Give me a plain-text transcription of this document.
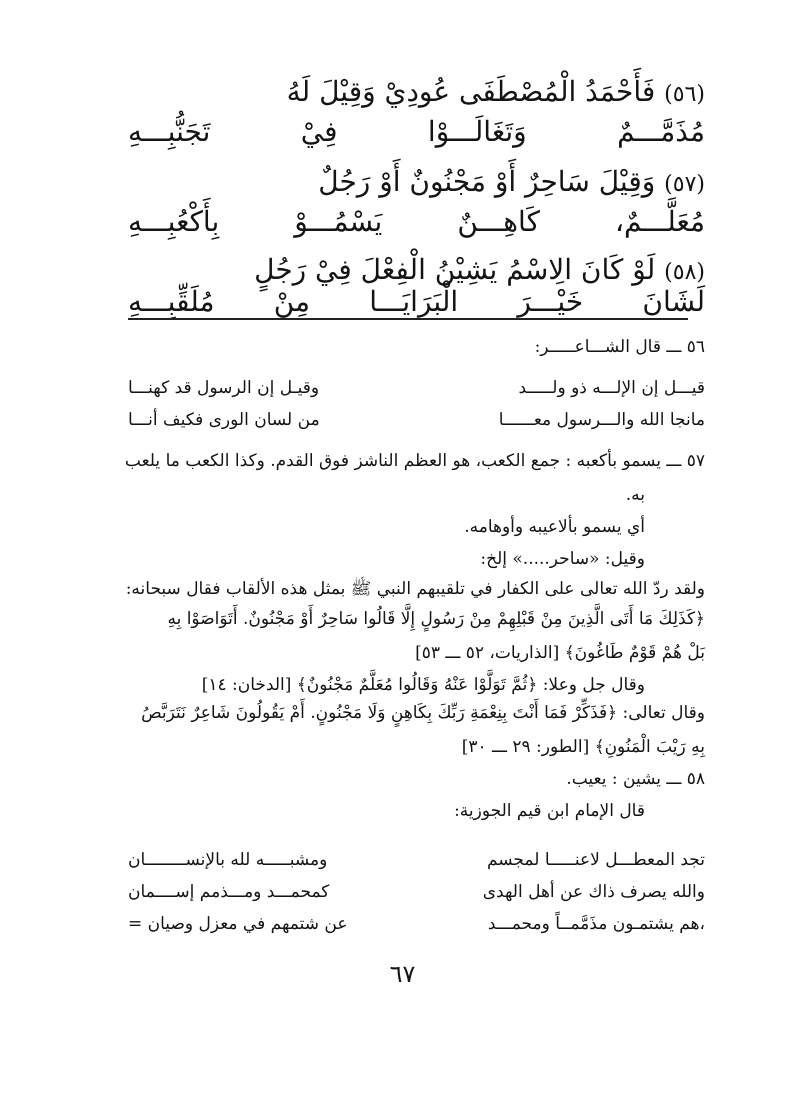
(٥٦) فَأَحْمَدُ الْمُصْطَفَى عُودِيْ وَقِيْلَ لَهُ
مُذَمَّـــمٌ
وَتَغَالَـــوْا
فِيْ
تَجَنُّبِـــهِ
(٥٧) وَقِيْلَ سَاحِرٌ أَوْ مَجْنُونٌ أَوْ رَجُلٌ
مُعَلَّـــمٌ،
كَاهِـــنٌ
يَسْمُـــوْ
بِأَكْعُبِـــهِ
(٥٨) لَوْ كَانَ الِاسْمُ يَشِيْنُ الْفِعْلَ فِيْ رَجُلٍ
لَشَانَ
خَيْـــرَ
الْبَرَايَـــا
مِنْ
مُلَقِّبِـــهِ
٥٦ ـــ قال الشـــاعـــــر:
قيـــل إن الإلـــه ذو ولـــــد
وقيـل إن الرسول قد كهنـــا
مانجا الله والـــرسول معــــــا
من لسان الورى فكيف أنـــا
٥٧ ـــ يسمو بأكعبه : جمع الكعب، هو العظم الناشز فوق القدم. وكذا الكعب ما يلعب
به.
أي يسمو بألاعيبه وأوهامه.
وقيل: «ساحر.....» إلخ:
ولقد ردّ الله تعالى على الكفار في تلقيبهم النبي ﷺ بمثل هذه الألقاب فقال سبحانه:
﴿كَذَلِكَ مَا أَتَى الَّذِينَ مِنْ قَبْلِهِمْ مِنْ رَسُولٍ إِلَّا قَالُوا سَاحِرٌ أَوْ مَجْنُونٌ. أَتَوَاصَوْا بِهِ
بَلْ هُمْ قَوْمٌ طَاغُونَ﴾ [الذاريات، ٥٢ ـــ ٥٣]
وقال جل وعلا: ﴿ثُمَّ تَوَلَّوْا عَنْهُ وَقَالُوا مُعَلَّمٌ مَجْنُونٌ﴾ [الدخان: ١٤]
وقال تعالى: ﴿فَذَكِّرْ فَمَا أَنْتَ بِنِعْمَةِ رَبِّكَ بِكَاهِنٍ وَلَا مَجْنُونٍ. أَمْ يَقُولُونَ شَاعِرٌ نَتَرَبَّصُ
بِهِ رَيْبَ الْمَنُونِ﴾ [الطور: ٢٩ ـــ ٣٠]
٥٨ ـــ يشين : يعيب.
قال الإمام ابن قيم الجوزية:
تجد المعطـــل لاعنـــــا لمجسم
ومشبـــــه لله بالإنســــــــان
والله يصرف ذاك عن أهل الهدى
كمحمـــد ومـــذمم إســــمان
،هم يشتمـون مذَمَّمــاً ومحمـــد
عن شتمهم في معزل وصيان =
٦٧
